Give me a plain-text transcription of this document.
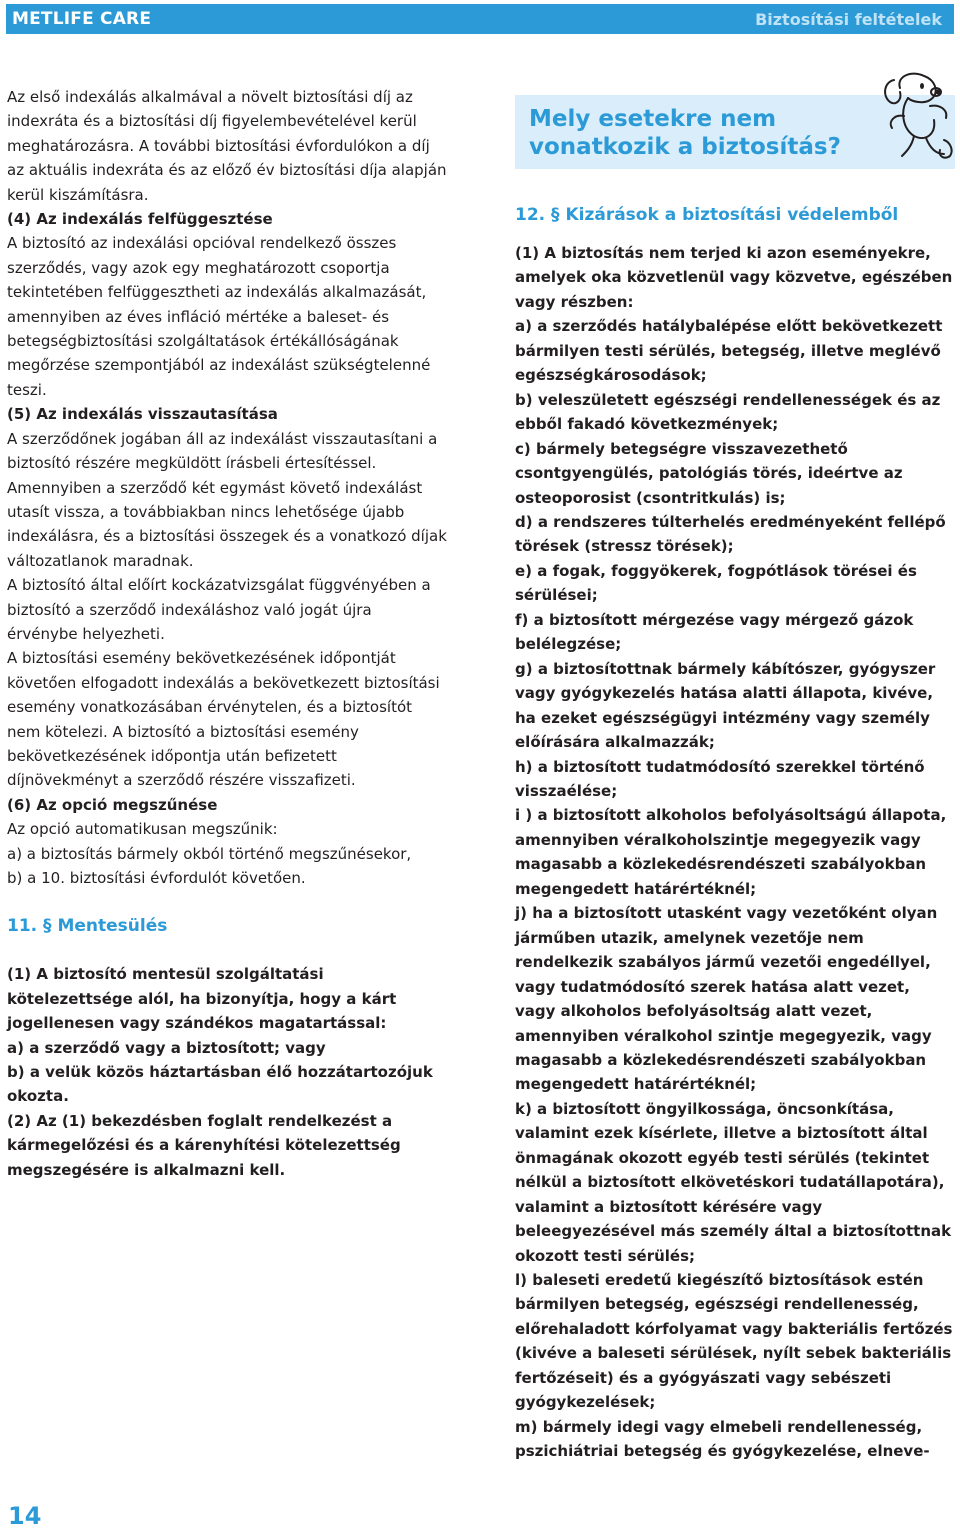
METLIFE CARE	Biztosítási feltételek

Az első indexálás alkalmával a növelt biztosítási díj az indexráta és a biztosítási díj figyelembevételével kerül meghatározásra. A további biztosítási évfordulókon a díj az aktuális indexráta és az előző év biztosítási díja alapján kerül kiszámításra.

(4) Az indexálás felfüggesztése

A biztosító az indexálási opcióval rendelkező összes szerződés, vagy azok egy meghatározott csoportja tekintetében felfüggesztheti az indexálás alkalmazását, amennyiben az éves infláció mértéke a baleset- és betegségbiztosítási szolgáltatások értékállóságának megőrzése szempontjából az indexálást szükségtelenné teszi.

(5) Az indexálás visszautasítása

A szerződőnek jogában áll az indexálást visszautasítani a biztosító részére megküldött írásbeli értesítéssel.

Amennyiben a szerződő két egymást követő indexálást utasít vissza, a továbbiakban nincs lehetősége újabb indexálásra, és a biztosítási összegek és a vonatkozó díjak változatlanok maradnak.

A biztosító által előírt kockázatvizsgálat függvényében a biztosító a szerződő indexáláshoz való jogát újra érvénybe helyezheti.

A biztosítási esemény bekövetkezésének időpontját követően elfogadott indexálás a bekövetkezett biztosítási esemény vonatkozásában érvénytelen, és a biztosítót nem kötelezi. A biztosító a biztosítási esemény bekövetkezésének időpontja után befizetett díjnövekményt a szerződő részére visszafizeti.

(6) Az opció megszűnése

Az opció automatikusan megszűnik:

a) a biztosítás bármely okból történő megszűnésekor,

b) a 10. biztosítási évfordulót követően.

11. § Mentesülés

(1) A biztosító mentesül szolgáltatási kötelezettsége alól, ha bizonyítja, hogy a kárt jogellenesen vagy szándékos magatartással:

a) a szerződő vagy a biztosított; vagy

b) a velük közös háztartásban élő hozzátartozójuk okozta.

(2) Az (1) bekezdésben foglalt rendelkezést a kármegelőzési és a kárenyhítési kötelezettség megszegésére is alkalmazni kell.

Mely esetekre nem vonatkozik a biztosítás?

12. § Kizárások a biztosítási védelemből

(1) A biztosítás nem terjed ki azon eseményekre, amelyek oka közvetlenül vagy közvetve, egészében vagy részben:

a) a szerződés hatálybalépése előtt bekövetkezett bármilyen testi sérülés, betegség, illetve meglévő egészségkárosodások;

b) veleszületett egészségi rendellenességek és az ebből fakadó következmények;

c) bármely betegségre visszavezethető csontgyengülés, patológiás törés, ideértve az osteoporosist (csontritkulás) is;

d) a rendszeres túlterhelés eredményeként fellépő törések (stressz törések);

e) a fogak, foggyökerek, fogpótlások törései és sérülései;

f) a biztosított mérgezése vagy mérgező gázok belélegzése;

g) a biztosítottnak bármely kábítószer, gyógyszer vagy gyógykezelés hatása alatti állapota, kivéve, ha ezeket egészségügyi intézmény vagy személy előírására alkalmazzák;

h) a biztosított tudatmódosító szerekkel történő visszaélése;

i ) a biztosított alkoholos befolyásoltságú állapota, amennyiben véralkoholszintje megegyezik vagy magasabb a közlekedésrendészeti szabályokban megengedett határértéknél;

j) ha a biztosított utasként vagy vezetőként olyan járműben utazik, amelynek vezetője nem rendelkezik szabályos jármű vezetői engedéllyel, vagy tudatmódosító szerek hatása alatt vezet, vagy alkoholos befolyásoltság alatt vezet, amennyiben véralkohol szintje megegyezik, vagy magasabb a közlekedésrendészeti szabályokban megengedett határértéknél;

k) a biztosított öngyilkossága, öncsonkítása, valamint ezek kísérlete, illetve a biztosított által önmagának okozott egyéb testi sérülés (tekintet nélkül a biztosított elkövetéskori tudatállapotára), valamint a biztosított kérésére vagy beleegyezésével más személy által a biztosítottnak okozott testi sérülés;

l) baleseti eredetű kiegészítő biztosítások estén bármilyen betegség, egészségi rendellenesség, előrehaladott kórfolyamat vagy bakteriális fertőzés (kivéve a baleseti sérülések, nyílt sebek bakteriális fertőzéseit) és a gyógyászati vagy sebészeti gyógykezelések;

m) bármely idegi vagy elmebeli rendellenesség, pszichiátriai betegség és gyógykezelése, elneve-

14
